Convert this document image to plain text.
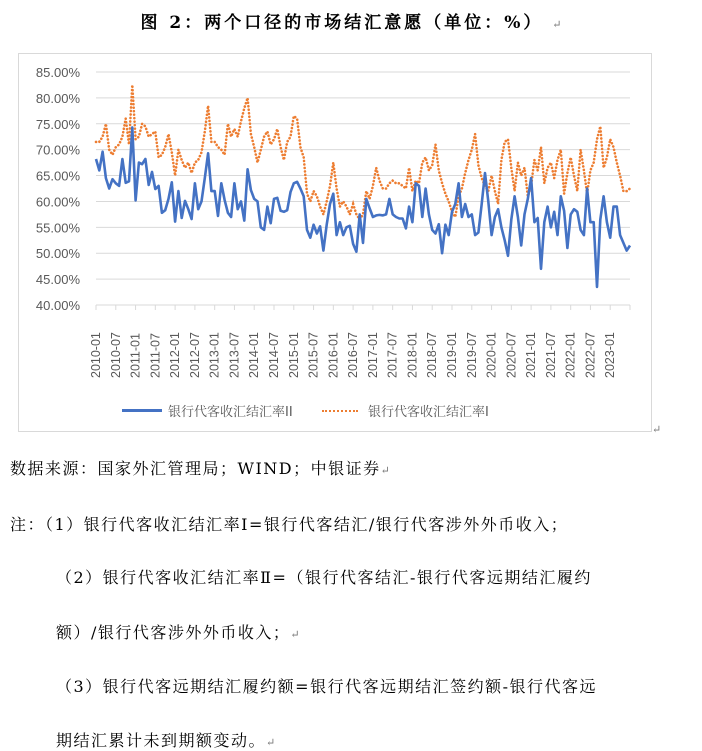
图 2：两个口径的市场结汇意愿（单位：%） ↵
40.00%
45.00%
50.00%
55.00%
60.00%
65.00%
70.00%
75.00%
80.00%
85.00%
2010-01 2010-07 2011-01 2011-07 2012-01 2012-07 2013-01 2013-07 2014-01 2014-07 2015-01 2015-07 2016-01 2016-07 2017-01 2017-07 2018-01 2018-07 2019-01 2019-07 2020-01 2020-07 2021-01 2021-07 2022-01 2022-07 2023-01
银行代客收汇结汇率II	银行代客收汇结汇率I
↵
数据来源：国家外汇管理局；WIND；中银证券↵
注：（1）银行代客收汇结汇率Ⅰ=银行代客结汇/银行代客涉外外币收入；
（2）银行代客收汇结汇率Ⅱ=（银行代客结汇-银行代客远期结汇履约
额）/银行代客涉外外币收入；↵
（3）银行代客远期结汇履约额=银行代客远期结汇签约额-银行代客远
期结汇累计未到期额变动。↵
